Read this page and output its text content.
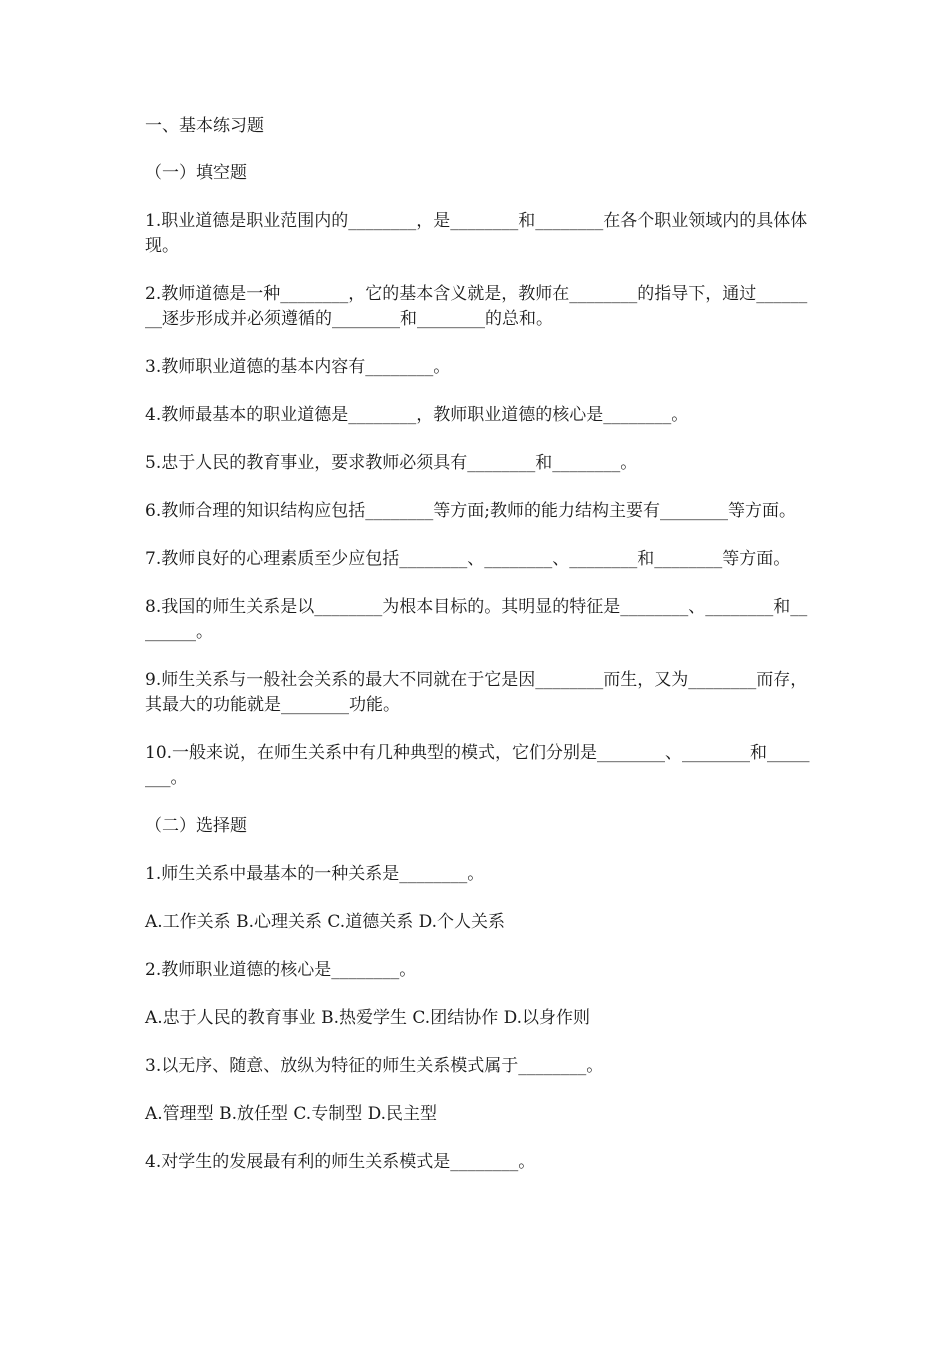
一、基本练习题

（一）填空题

1.职业道德是职业范围内的________，是________和________在各个职业领域内的具体体现。

2.教师道德是一种________，它的基本含义就是，教师在________的指导下，通过________逐步形成并必须遵循的________和________的总和。

3.教师职业道德的基本内容有________。

4.教师最基本的职业道德是________，教师职业道德的核心是________。

5.忠于人民的教育事业，要求教师必须具有________和________。

6.教师合理的知识结构应包括________等方面;教师的能力结构主要有________等方面。

7.教师良好的心理素质至少应包括________、________、________和________等方面。

8.我国的师生关系是以________为根本目标的。其明显的特征是________、________和________。

9.师生关系与一般社会关系的最大不同就在于它是因________而生，又为________而存，其最大的功能就是________功能。

10.一般来说，在师生关系中有几种典型的模式，它们分别是________、________和________。

（二）选择题

1.师生关系中最基本的一种关系是________。

A.工作关系 B.心理关系 C.道德关系 D.个人关系

2.教师职业道德的核心是________。

A.忠于人民的教育事业 B.热爱学生 C.团结协作 D.以身作则

3.以无序、随意、放纵为特征的师生关系模式属于________。

A.管理型 B.放任型 C.专制型 D.民主型

4.对学生的发展最有利的师生关系模式是________。
